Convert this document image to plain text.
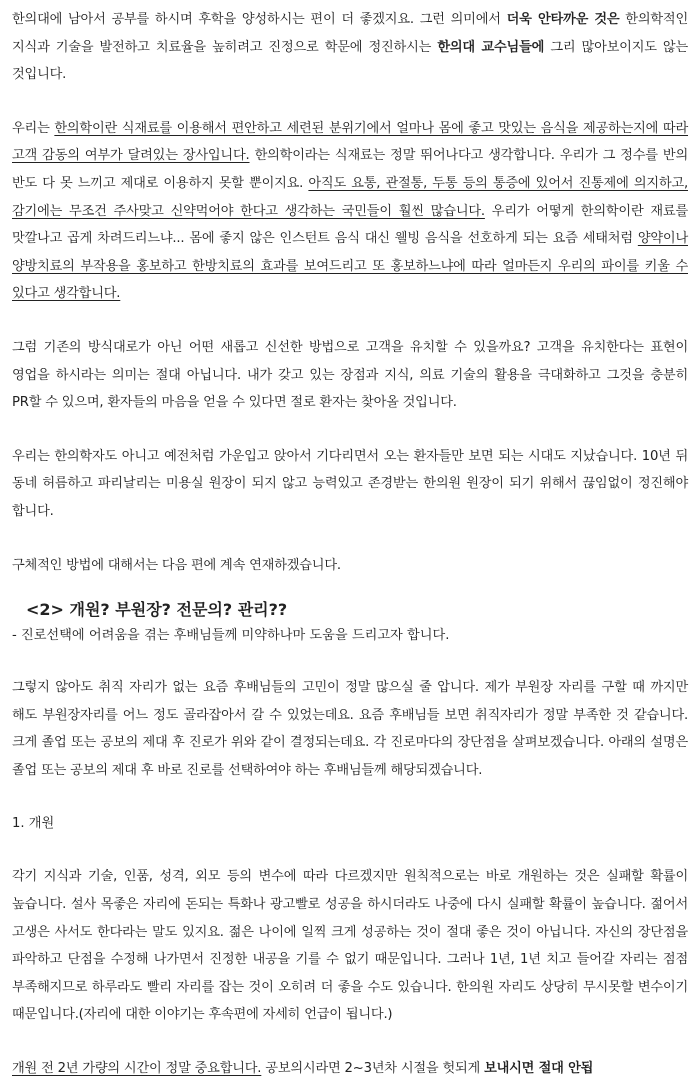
한의대에 남아서 공부를 하시며 후학을 양성하시는 편이 더 좋겠지요. 그런 의미에서 더욱 안타까운 것은 한의학적인 지식과 기술을 발전하고 치료율을 높히려고 진정으로 학문에 정진하시는 한의대 교수님들에 그리 많아보이지도 않는 것입니다.

우리는 한의학이란 식재료를 이용해서 편안하고 세련된 분위기에서 얼마나 몸에 좋고 맛있는 음식을 제공하는지에 따라 고객 감동의 여부가 달려있는 장사입니다. 한의학이라는 식재료는 정말 뛰어나다고 생각합니다. 우리가 그 정수를 반의 반도 다 못 느끼고 제대로 이용하지 못할 뿐이지요. 아직도 요통, 관절통, 두통 등의 통증에 있어서 진통제에 의지하고, 감기에는 무조건 주사맞고 신약먹어야 한다고 생각하는 국민들이 훨씬 많습니다. 우리가 어떻게 한의학이란 재료를 맛깔나고 곱게 차려드리느냐... 몸에 좋지 않은 인스턴트 음식 대신 웰빙 음식을 선호하게 되는 요즘 세태처럼 양약이나 양방치료의 부작용을 홍보하고 한방치료의 효과를 보여드리고 또 홍보하느냐에 따라 얼마든지 우리의 파이를 키울 수 있다고 생각합니다.

그럼 기존의 방식대로가 아닌 어떤 새롭고 신선한 방법으로 고객을 유치할 수 있을까요? 고객을 유치한다는 표현이 영업을 하시라는 의미는 절대 아닙니다. 내가 갖고 있는 장점과 지식, 의료 기술의 활용을 극대화하고 그것을 충분히 PR할 수 있으며, 환자들의 마음을 얻을 수 있다면 절로 환자는 찾아올 것입니다.

우리는 한의학자도 아니고 예전처럼 가운입고 앉아서 기다리면서 오는 환자들만 보면 되는 시대도 지났습니다. 10년 뒤 동네 허름하고 파리날리는 미용실 원장이 되지 않고 능력있고 존경받는 한의원 원장이 되기 위해서 끊임없이 정진해야 합니다.

구체적인 방법에 대해서는 다음 편에 계속 연재하겠습니다.

<2> 개원? 부원장? 전문의? 관리??

- 진로선택에 어려움을 겪는 후배님들께 미약하나마 도움을 드리고자 합니다.

그렇지 않아도 취직 자리가 없는 요즘 후배님들의 고민이 정말 많으실 줄 압니다. 제가 부원장 자리를 구할 때 까지만 해도 부원장자리를 어느 정도 골라잡아서 갈 수 있었는데요. 요즘 후배님들 보면 취직자리가 정말 부족한 것 같습니다. 크게 졸업 또는 공보의 제대 후 진로가 위와 같이 결정되는데요. 각 진로마다의 장단점을 살펴보겠습니다. 아래의 설명은 졸업 또는 공보의 제대 후 바로 진로를 선택하여야 하는 후배님들께 해당되겠습니다.

1. 개원

각기 지식과 기술, 인품, 성격, 외모 등의 변수에 따라 다르겠지만 원칙적으로는 바로 개원하는 것은 실패할 확률이 높습니다. 설사 목좋은 자리에 돈되는 특화나 광고빨로 성공을 하시더라도 나중에 다시 실패할 확률이 높습니다. 젊어서 고생은 사서도 한다라는 말도 있지요. 젊은 나이에 일찍 크게 성공하는 것이 절대 좋은 것이 아닙니다. 자신의 장단점을 파악하고 단점을 수정해 나가면서 진정한 내공을 기를 수 없기 때문입니다. 그러나 1년, 1년 치고 들어갈 자리는 점점 부족해지므로 하루라도 빨리 자리를 잡는 것이 오히려 더 좋을 수도 있습니다. 한의원 자리도 상당히 무시못할 변수이기 때문입니다.(자리에 대한 이야기는 후속편에 자세히 언급이 됩니다.)

개원 전 2년 가량의 시간이 정말 중요합니다. 공보의시라면 2~3년차 시절을 헛되게 보내시면 절대 안됩
